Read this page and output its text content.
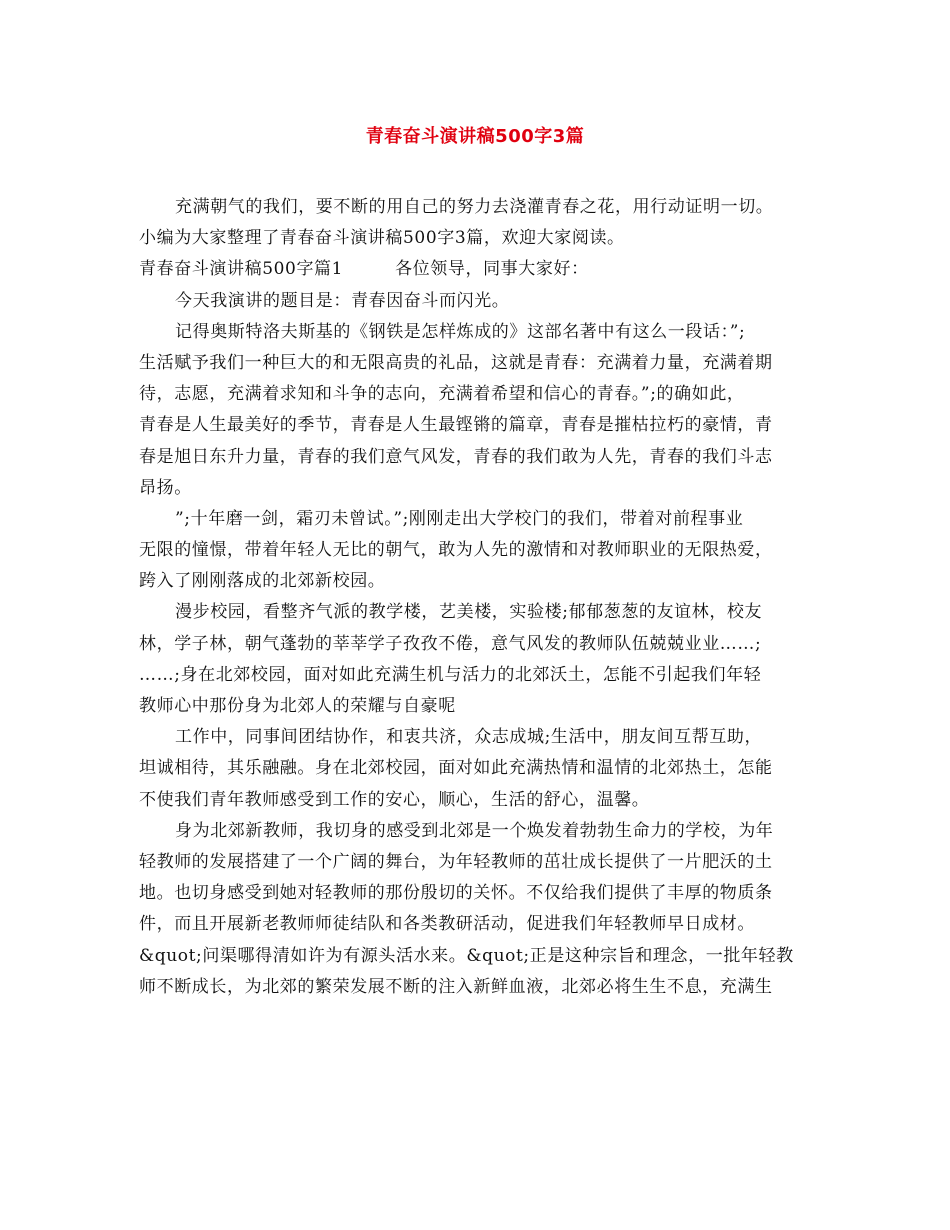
青春奋斗演讲稿500字3篇
充满朝气的我们，要不断的用自己的努力去浇灌青春之花，用行动证明一切。
小编为大家整理了青春奋斗演讲稿500字3篇，欢迎大家阅读。
青春奋斗演讲稿500字篇1	各位领导，同事大家好：
今天我演讲的题目是：青春因奋斗而闪光。
记得奥斯特洛夫斯基的《钢铁是怎样炼成的》这部名著中有这么一段话：”;
生活赋予我们一种巨大的和无限高贵的礼品，这就是青春：充满着力量，充满着期
待，志愿，充满着求知和斗争的志向，充满着希望和信心的青春。”;的确如此，
青春是人生最美好的季节，青春是人生最铿锵的篇章，青春是摧枯拉朽的豪情，青
春是旭日东升力量，青春的我们意气风发，青春的我们敢为人先，青春的我们斗志
昂扬。
”;十年磨一剑，霜刃未曾试。”;刚刚走出大学校门的我们，带着对前程事业
无限的憧憬，带着年轻人无比的朝气，敢为人先的激情和对教师职业的无限热爱，
跨入了刚刚落成的北郊新校园。
漫步校园，看整齐气派的教学楼，艺美楼，实验楼;郁郁葱葱的友谊林，校友
林，学子林，朝气蓬勃的莘莘学子孜孜不倦，意气风发的教师队伍兢兢业业……;
……;身在北郊校园，面对如此充满生机与活力的北郊沃土，怎能不引起我们年轻
教师心中那份身为北郊人的荣耀与自豪呢
工作中，同事间团结协作，和衷共济，众志成城;生活中，朋友间互帮互助，
坦诚相待，其乐融融。身在北郊校园，面对如此充满热情和温情的北郊热土，怎能
不使我们青年教师感受到工作的安心，顺心，生活的舒心，温馨。
身为北郊新教师，我切身的感受到北郊是一个焕发着勃勃生命力的学校，为年
轻教师的发展搭建了一个广阔的舞台，为年轻教师的茁壮成长提供了一片肥沃的土
地。也切身感受到她对轻教师的那份殷切的关怀。不仅给我们提供了丰厚的物质条
件，而且开展新老教师师徒结队和各类教研活动，促进我们年轻教师早日成材。
&quot;问渠哪得清如许为有源头活水来。&quot;正是这种宗旨和理念，一批年轻教
师不断成长，为北郊的繁荣发展不断的注入新鲜血液，北郊必将生生不息，充满生
